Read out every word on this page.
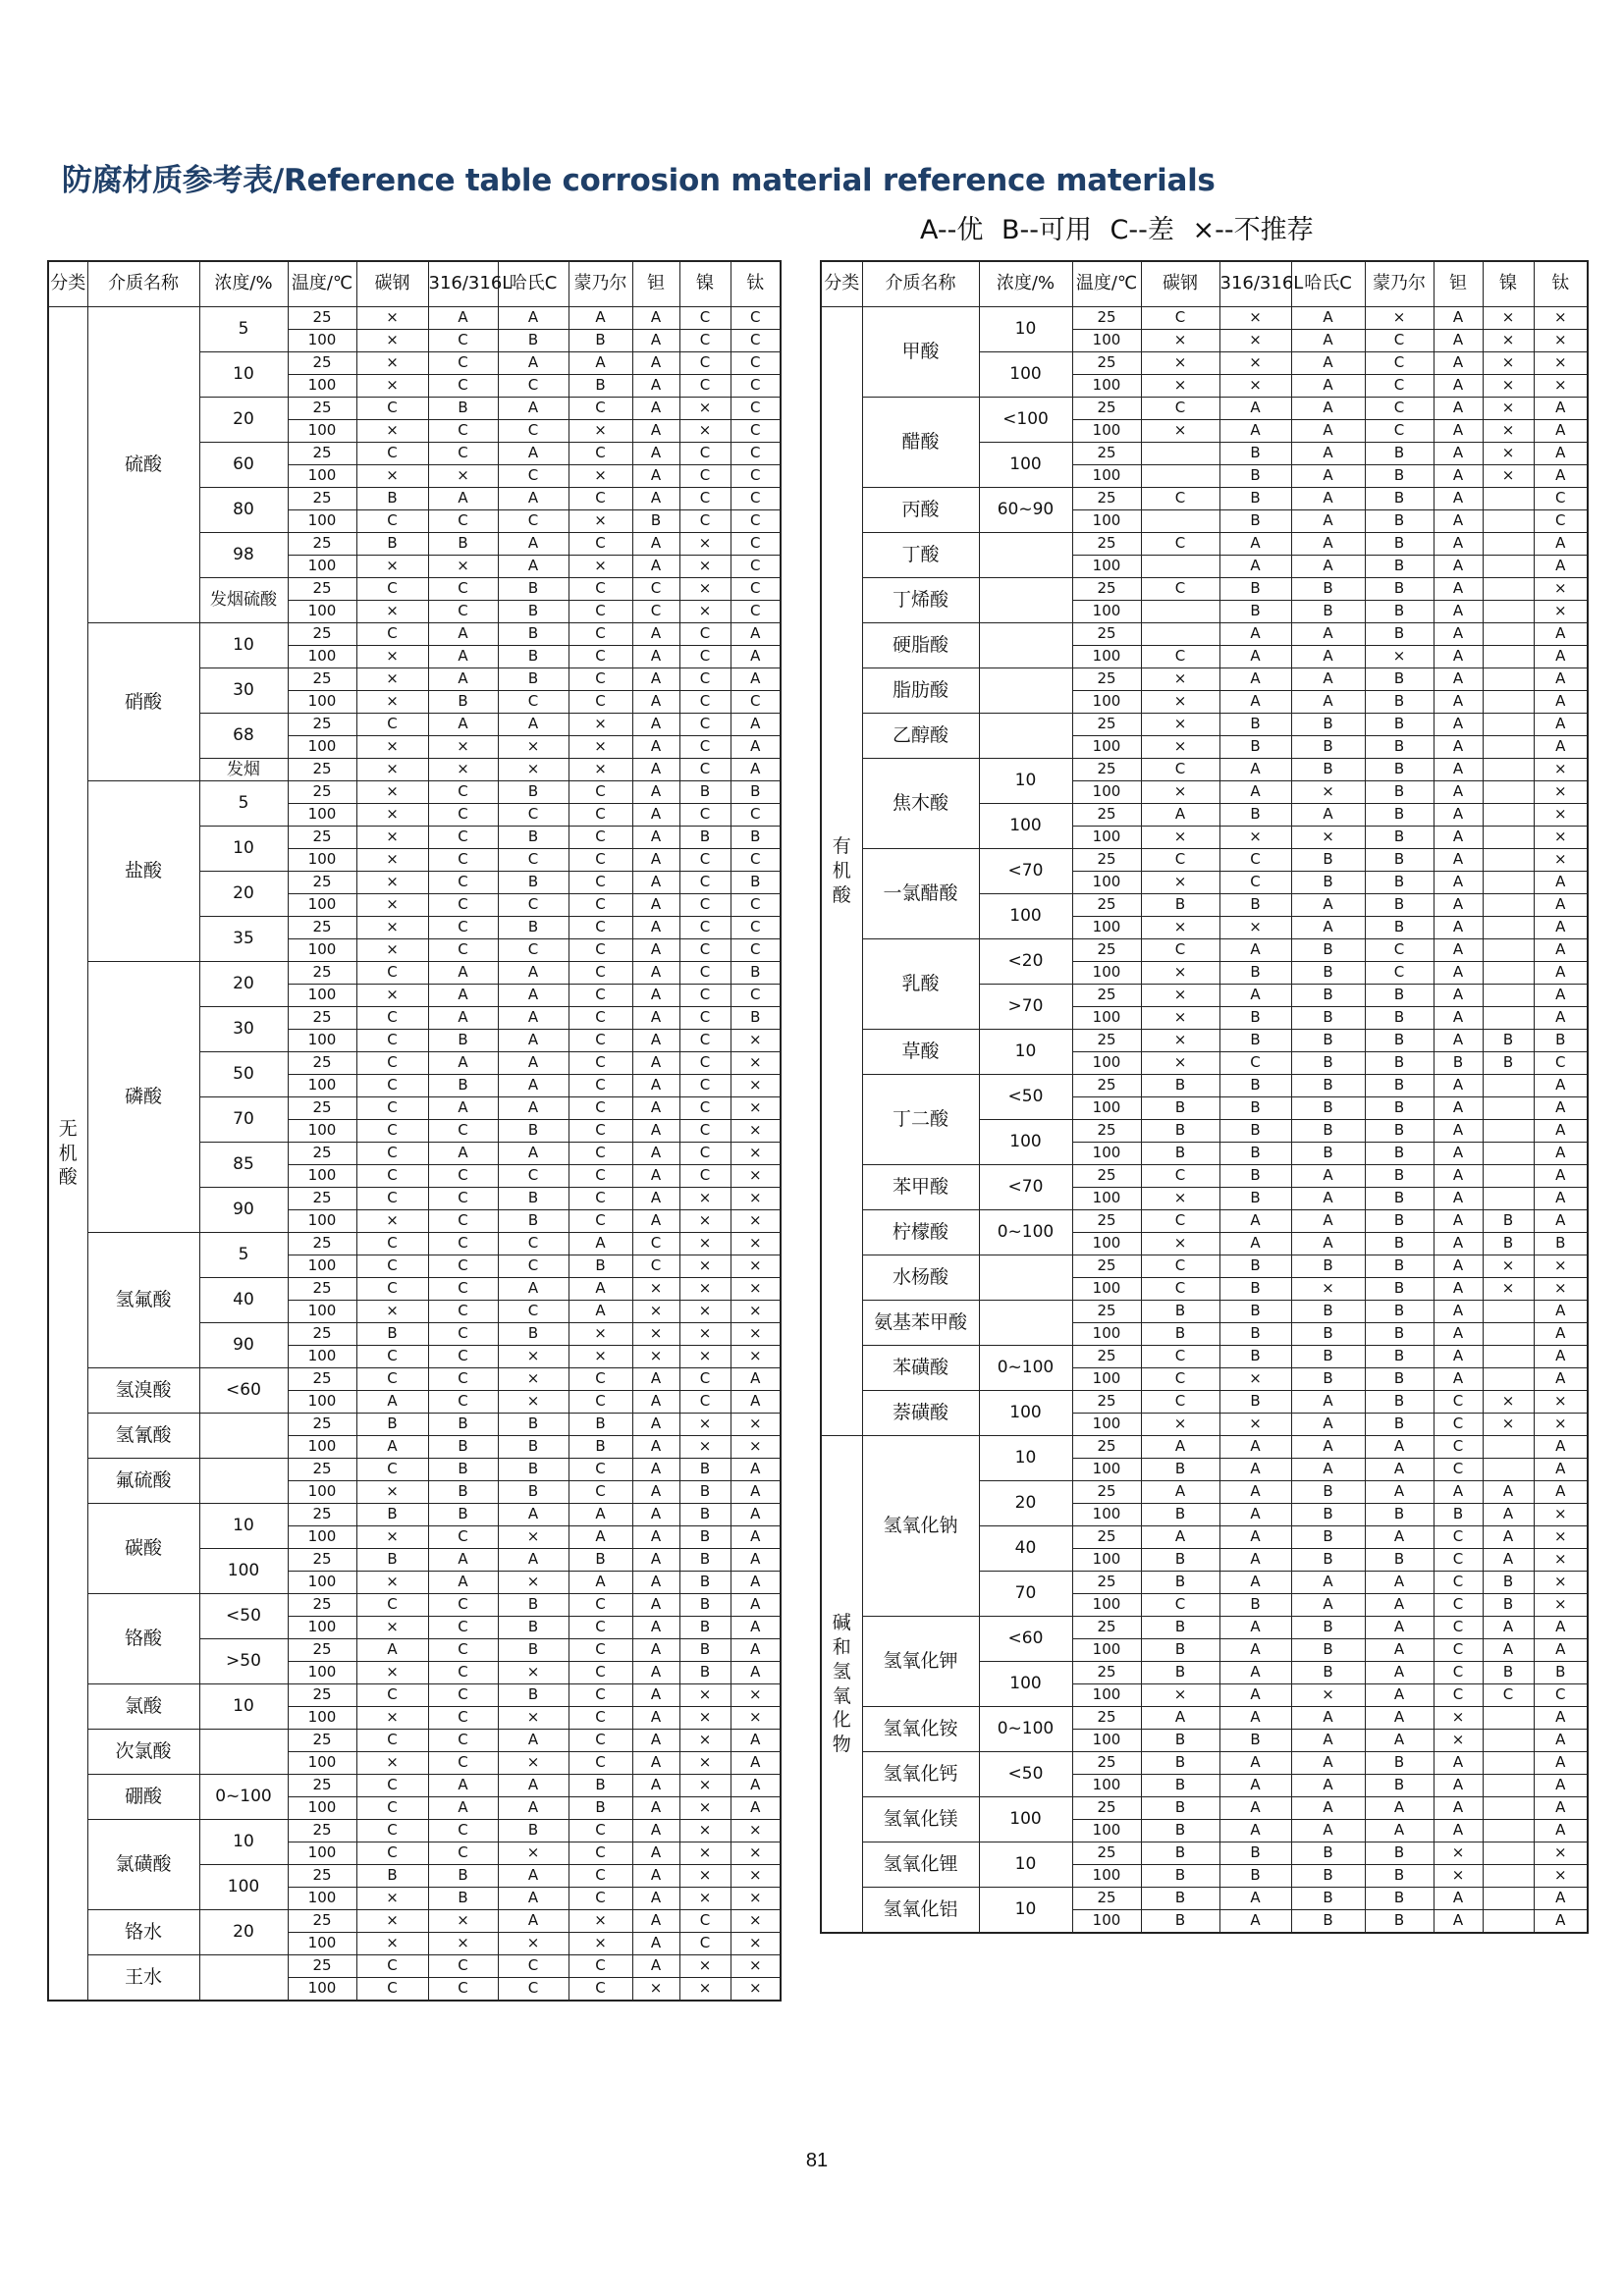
防腐材质参考表/Reference table corrosion material reference materials
A--优 B--可用 C--差 ×--不推荐
分类	介质名称	浓度/%	温度/℃	碳钢	316/316L	哈氏C	蒙乃尔	钽	镍	钛
无机酸	硫酸	5	25	×	A	A	A	A	C	C
			100	×	C	B	B	A	C	C
		10	25	×	C	A	A	A	C	C
			100	×	C	C	B	A	C	C
		20	25	C	B	A	C	A	×	C
			100	×	C	C	×	A	×	C
		60	25	C	C	A	C	A	C	C
			100	×	×	C	×	A	C	C
		80	25	B	A	A	C	A	C	C
			100	C	C	C	×	B	C	C
		98	25	B	B	A	C	A	×	C
			100	×	×	A	×	A	×	C
		发烟硫酸	25	C	C	B	C	C	×	C
			100	×	C	B	C	C	×	C
	硝酸	10	25	C	A	B	C	A	C	A
			100	×	A	B	C	A	C	A
		30	25	×	A	B	C	A	C	A
			100	×	B	C	C	A	C	C
		68	25	C	A	A	×	A	C	A
			100	×	×	×	×	A	C	A
		发烟	25	×	×	×	×	A	C	A
	盐酸	5	25	×	C	B	C	A	B	B
			100	×	C	C	C	A	C	C
		10	25	×	C	B	C	A	B	B
			100	×	C	C	C	A	C	C
		20	25	×	C	B	C	A	C	B
			100	×	C	C	C	A	C	C
		35	25	×	C	B	C	A	C	C
			100	×	C	C	C	A	C	C
	磷酸	20	25	C	A	A	C	A	C	B
			100	×	A	A	C	A	C	C
		30	25	C	A	A	C	A	C	B
			100	C	B	A	C	A	C	×
		50	25	C	A	A	C	A	C	×
			100	C	B	A	C	A	C	×
		70	25	C	A	A	C	A	C	×
			100	C	C	B	C	A	C	×
		85	25	C	A	A	C	A	C	×
			100	C	C	C	C	A	C	×
		90	25	C	C	B	C	A	×	×
			100	×	C	B	C	A	×	×
	氢氟酸	5	25	C	C	C	A	C	×	×
			100	C	C	C	B	C	×	×
		40	25	C	C	A	A	×	×	×
			100	×	C	C	A	×	×	×
		90	25	B	C	B	×	×	×	×
			100	C	C	×	×	×	×	×
	氢溴酸	<60	25	C	C	×	C	A	C	A
			100	A	C	×	C	A	C	A
	氢氰酸		25	B	B	B	B	A	×	×
			100	A	B	B	B	A	×	×
	氟硫酸		25	C	B	B	C	A	B	A
			100	×	B	B	C	A	B	A
	碳酸	10	25	B	B	A	A	A	B	A
			100	×	C	×	A	A	B	A
		100	25	B	A	A	B	A	B	A
			100	×	A	×	A	A	B	A
	铬酸	<50	25	C	C	B	C	A	B	A
			100	×	C	B	C	A	B	A
		>50	25	A	C	B	C	A	B	A
			100	×	C	×	C	A	B	A
	氯酸	10	25	C	C	B	C	A	×	×
			100	×	C	×	C	A	×	×
	次氯酸		25	C	C	A	C	A	×	A
			100	×	C	×	C	A	×	A
	硼酸	0~100	25	C	A	A	B	A	×	A
			100	C	A	A	B	A	×	A
	氯磺酸	10	25	C	C	B	C	A	×	×
			100	C	C	×	C	A	×	×
		100	25	B	B	A	C	A	×	×
			100	×	B	A	C	A	×	×
	铬水	20	25	×	×	A	×	A	C	×
			100	×	×	×	×	A	C	×
	王水		25	C	C	C	C	A	×	×
			100	C	C	C	C	×	×	×
分类	介质名称	浓度/%	温度/℃	碳钢	316/316L	哈氏C	蒙乃尔	钽	镍	钛
有机酸	甲酸	10	25	C	×	A	×	A	×	×
			100	×	×	A	C	A	×	×
		100	25	×	×	A	C	A	×	×
			100	×	×	A	C	A	×	×
	醋酸	<100	25	C	A	A	C	A	×	A
			100	×	A	A	C	A	×	A
		100	25		B	A	B	A	×	A
			100		B	A	B	A	×	A
	丙酸	60~90	25	C	B	A	B	A		C
			100		B	A	B	A		C
	丁酸		25	C	A	A	B	A		A
			100		A	A	B	A		A
	丁烯酸		25	C	B	B	B	A		×
			100		B	B	B	A		×
	硬脂酸		25		A	A	B	A		A
			100	C	A	A	×	A		A
	脂肪酸		25	×	A	A	B	A		A
			100	×	A	A	B	A		A
	乙醇酸		25	×	B	B	B	A		A
			100	×	B	B	B	A		A
	焦木酸	10	25	C	A	B	B	A		×
			100	×	A	×	B	A		×
		100	25	A	B	A	B	A		×
			100	×	×	×	B	A		×
	一氯醋酸	<70	25	C	C	B	B	A		×
			100	×	C	B	B	A		A
		100	25	B	B	A	B	A		A
			100	×	×	A	B	A		A
	乳酸	<20	25	C	A	B	C	A		A
			100	×	B	B	C	A		A
		>70	25	×	A	B	B	A		A
			100	×	B	B	B	A		A
	草酸	10	25	×	B	B	B	A	B	B
			100	×	C	B	B	B	B	C
	丁二酸	<50	25	B	B	B	B	A		A
			100	B	B	B	B	A		A
		100	25	B	B	B	B	A		A
			100	B	B	B	B	A		A
	苯甲酸	<70	25	C	B	A	B	A		A
			100	×	B	A	B	A		A
	柠檬酸	0~100	25	C	A	A	B	A	B	A
			100	×	A	A	B	A	B	B
	水杨酸		25	C	B	B	B	A	×	×
			100	C	B	×	B	A	×	×
	氨基苯甲酸		25	B	B	B	B	A		A
			100	B	B	B	B	A		A
	苯磺酸	0~100	25	C	B	B	B	A		A
			100	C	×	B	B	A		A
	萘磺酸	100	25	C	B	A	B	C	×	×
			100	×	×	A	B	C	×	×
碱和氢氧化物	氢氧化钠	10	25	A	A	A	A	C		A
			100	B	A	A	A	C		A
		20	25	A	A	B	A	A	A	A
			100	B	A	B	B	B	A	×
		40	25	A	A	B	A	C	A	×
			100	B	A	B	B	C	A	×
		70	25	B	A	A	A	C	B	×
			100	C	B	A	A	C	B	×
	氢氧化钾	<60	25	B	A	B	A	C	A	A
			100	B	A	B	A	C	A	A
		100	25	B	A	B	A	C	B	B
			100	×	A	×	A	C	C	C
	氢氧化铵	0~100	25	A	A	A	A	×		A
			100	B	B	A	A	×		A
	氢氧化钙	<50	25	B	A	A	B	A		A
			100	B	A	A	B	A		A
	氢氧化镁	100	25	B	A	A	A	A		A
			100	B	A	A	A	A		A
	氢氧化锂	10	25	B	B	B	B	×		×
			100	B	B	B	B	×		×
	氢氧化铝	10	25	B	A	B	B	A		A
			100	B	A	B	B	A		A
81
